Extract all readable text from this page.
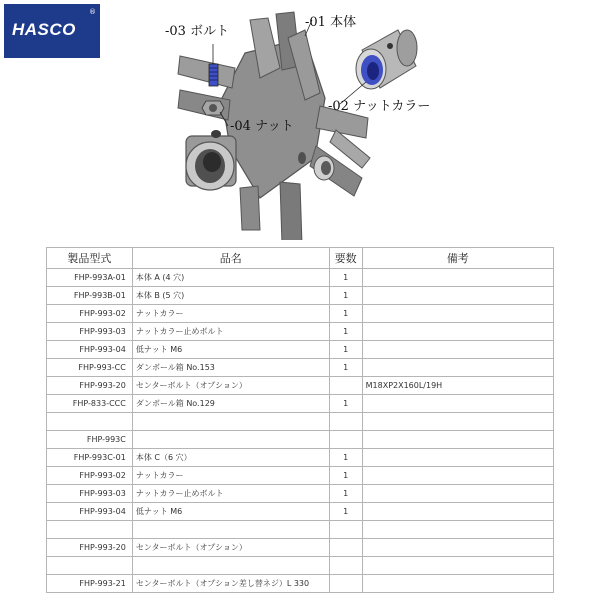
HASCO
®
-03 ボルト
-01 本体
-02 ナットカラー
-04 ナット
製品型式	品名	要数	備考
FHP-993A-01	本体 A (4 穴)	1	
FHP-993B-01	本体 B (5 穴)	1	
FHP-993-02	ナットカラー	1	
FHP-993-03	ナットカラー止めボルト	1	
FHP-993-04	低ナット M6	1	
FHP-993-CC	ダンボール箱 No.153	1	
FHP-993-20	センターボルト（オプション）		M18XP2X160L/19H
FHP-833-CCC	ダンボール箱 No.129	1	

FHP-993C			
FHP-993C-01	本体 C（6 穴）	1	
FHP-993-02	ナットカラー	1	
FHP-993-03	ナットカラー止めボルト	1	
FHP-993-04	低ナット M6	1	

FHP-993-20	センターボルト（オプション）		

FHP-993-21	センターボルト（オプション差し替ネジ）L 330		
